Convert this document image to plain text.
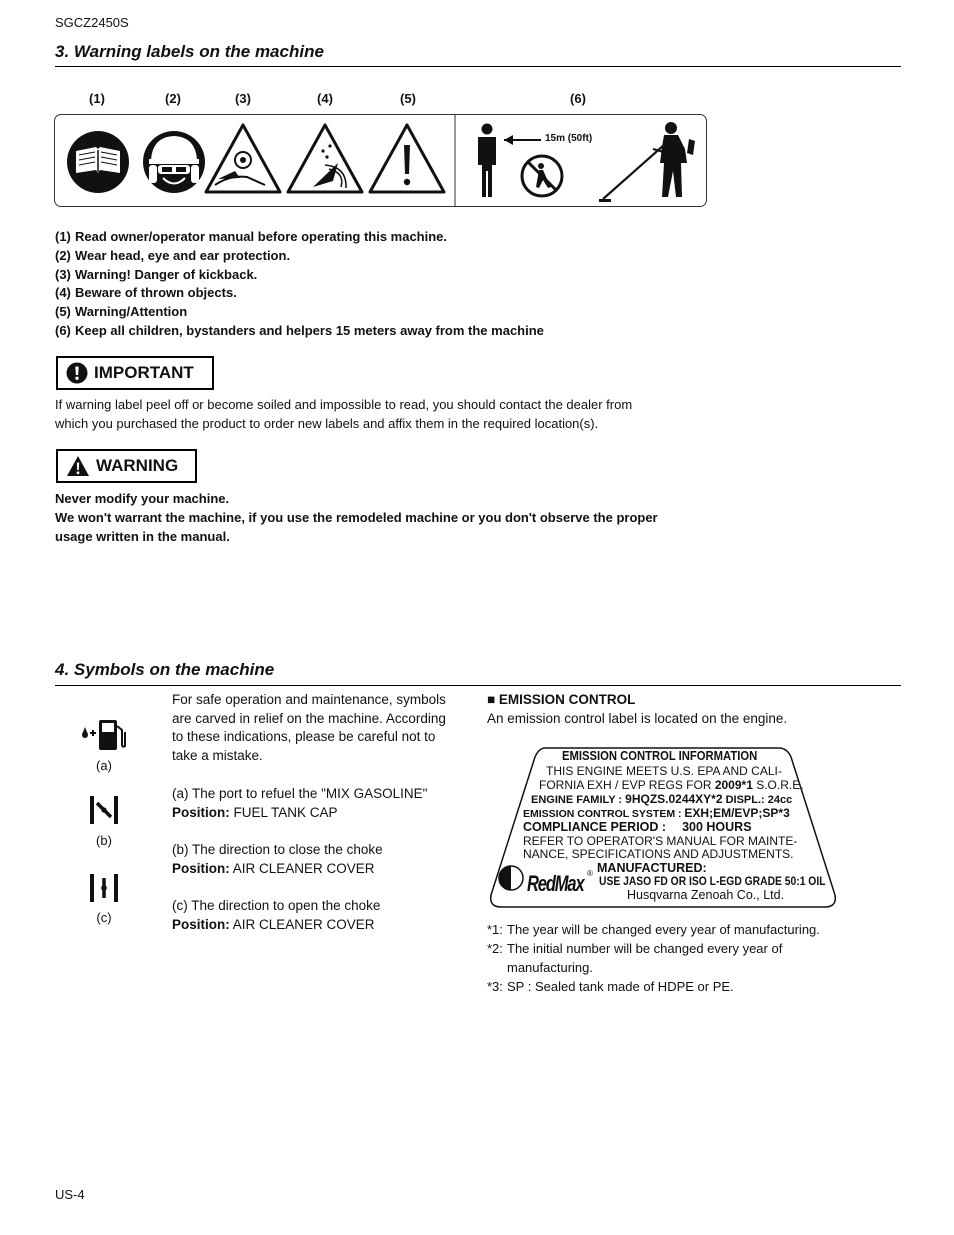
SGCZ2450S
3. Warning labels on the machine
(1)	(2)	(3)	(4)	(5)	(6)
15m (50ft)
(1) Read owner/operator manual before operating this machine.
(2) Wear head, eye and ear protection.
(3) Warning! Danger of kickback.
(4) Beware of thrown objects.
(5) Warning/Attention
(6) Keep all children, bystanders and helpers 15 meters away from the machine
IMPORTANT
If warning label peel off or become soiled and impossible to read, you should contact the dealer from
which you purchased the product to order new labels and affix them in the required location(s).
WARNING
Never modify your machine.
We won't warrant the machine, if you use the remodeled machine or you don't observe the proper
usage written in the manual.
4. Symbols on the machine
(a)
(b)
(c)
For safe operation and maintenance, symbols
are carved in relief on the machine. According
to these indications, please be careful not to
take a mistake.
(a) The port to refuel the "MIX GASOLINE"
Position: FUEL TANK CAP
(b) The direction to close the choke
Position: AIR CLEANER COVER
(c) The direction to open the choke
Position: AIR CLEANER COVER
■ EMISSION CONTROL
An emission control label is located on the engine.
EMISSION CONTROL INFORMATION
THIS ENGINE MEETS U.S. EPA AND CALI-
FORNIA EXH / EVP REGS FOR 2009*1 S.O.R.E.
ENGINE FAMILY : 9HQZS.0244XY*2 DISPL.: 24cc
EMISSION CONTROL SYSTEM : EXH;EM/EVP;SP*3
COMPLIANCE PERIOD : 300 HOURS
REFER TO OPERATOR'S MANUAL FOR MAINTE-
NANCE, SPECIFICATIONS AND ADJUSTMENTS.
MANUFACTURED:
RedMax ®
USE JASO FD OR ISO L-EGD GRADE 50:1 OIL
Husqvarna Zenoah Co., Ltd.
*1: The year will be changed every year of manufacturing.
*2: The initial number will be changed every year of
manufacturing.
*3: SP : Sealed tank made of HDPE or PE.
US-4
